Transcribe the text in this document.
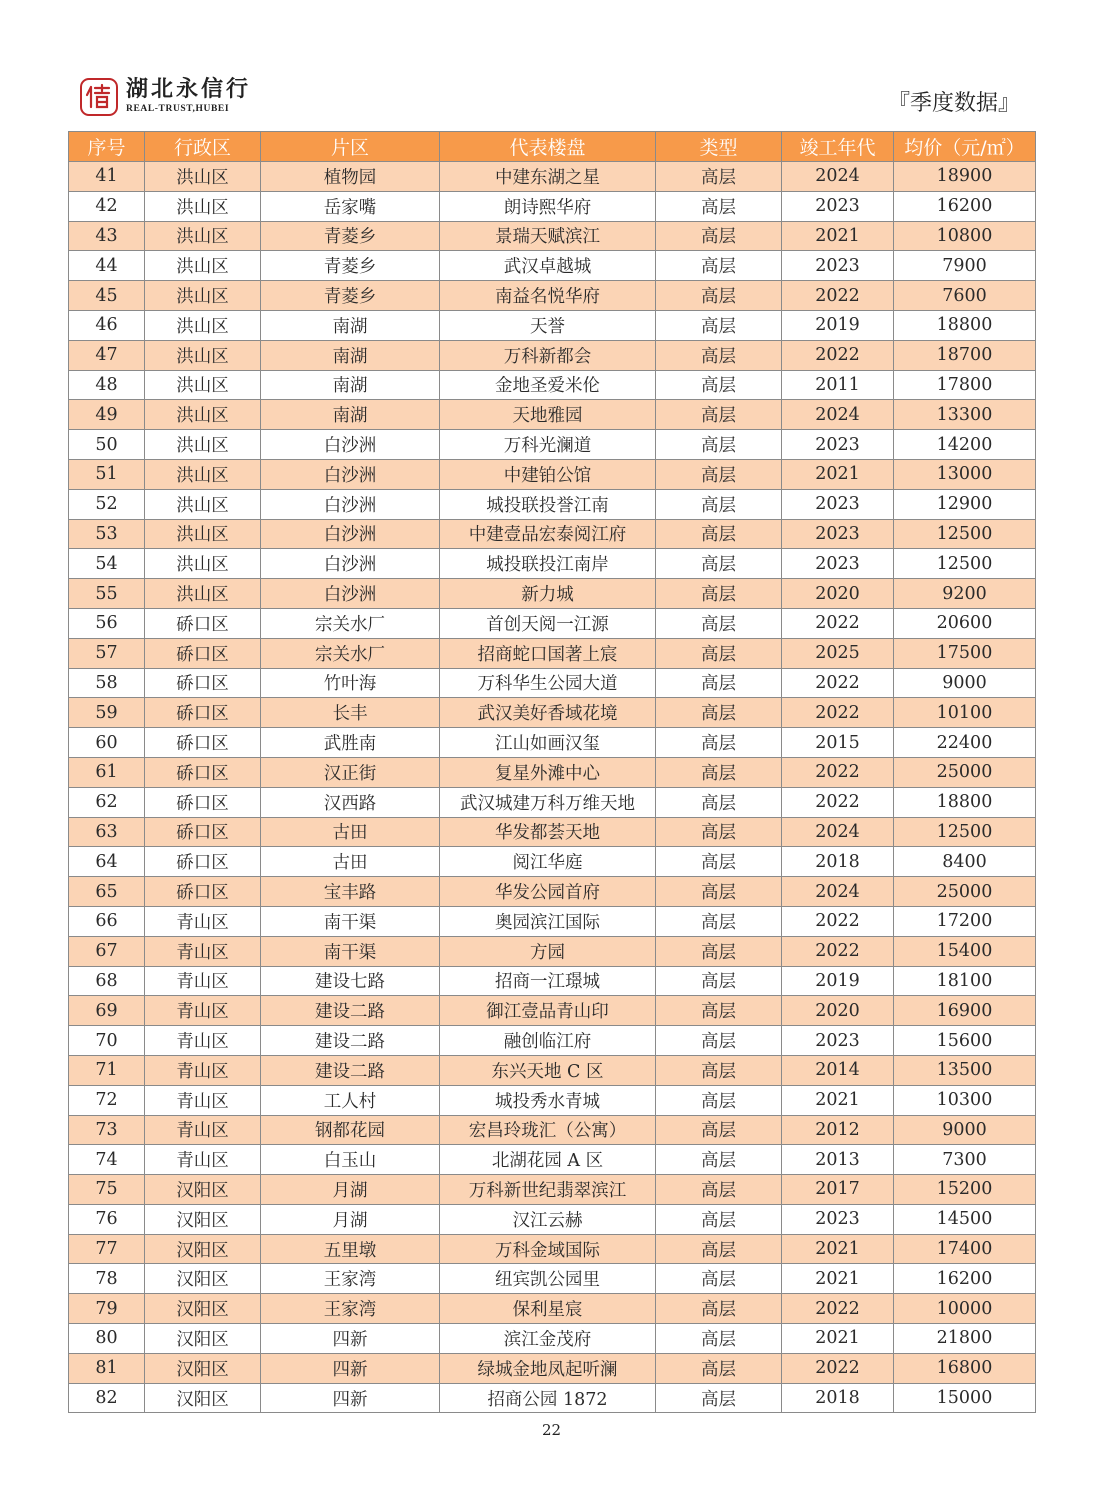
湖北永信行
REAL-TRUST,HUBEI	『季度数据』
序号	行政区	片区	代表楼盘	类型	竣工年代	均价（元/㎡）
41	洪山区	植物园	中建东湖之星	高层	2024	18900
42	洪山区	岳家嘴	朗诗熙华府	高层	2023	16200
43	洪山区	青菱乡	景瑞天赋滨江	高层	2021	10800
44	洪山区	青菱乡	武汉卓越城	高层	2023	7900
45	洪山区	青菱乡	南益名悦华府	高层	2022	7600
46	洪山区	南湖	天誉	高层	2019	18800
47	洪山区	南湖	万科新都会	高层	2022	18700
48	洪山区	南湖	金地圣爱米伦	高层	2011	17800
49	洪山区	南湖	天地雅园	高层	2024	13300
50	洪山区	白沙洲	万科光澜道	高层	2023	14200
51	洪山区	白沙洲	中建铂公馆	高层	2021	13000
52	洪山区	白沙洲	城投联投誉江南	高层	2023	12900
53	洪山区	白沙洲	中建壹品宏泰阅江府	高层	2023	12500
54	洪山区	白沙洲	城投联投江南岸	高层	2023	12500
55	洪山区	白沙洲	新力城	高层	2020	9200
56	硚口区	宗关水厂	首创天阅一江源	高层	2022	20600
57	硚口区	宗关水厂	招商蛇口国著上宸	高层	2025	17500
58	硚口区	竹叶海	万科华生公园大道	高层	2022	9000
59	硚口区	长丰	武汉美好香域花境	高层	2022	10100
60	硚口区	武胜南	江山如画汉玺	高层	2015	22400
61	硚口区	汉正街	复星外滩中心	高层	2022	25000
62	硚口区	汉西路	武汉城建万科万维天地	高层	2022	18800
63	硚口区	古田	华发都荟天地	高层	2024	12500
64	硚口区	古田	阅江华庭	高层	2018	8400
65	硚口区	宝丰路	华发公园首府	高层	2024	25000
66	青山区	南干渠	奥园滨江国际	高层	2022	17200
67	青山区	南干渠	方园	高层	2022	15400
68	青山区	建设七路	招商一江璟城	高层	2019	18100
69	青山区	建设二路	御江壹品青山印	高层	2020	16900
70	青山区	建设二路	融创临江府	高层	2023	15600
71	青山区	建设二路	东兴天地 C 区	高层	2014	13500
72	青山区	工人村	城投秀水青城	高层	2021	10300
73	青山区	钢都花园	宏昌玲珑汇（公寓）	高层	2012	9000
74	青山区	白玉山	北湖花园 A 区	高层	2013	7300
75	汉阳区	月湖	万科新世纪翡翠滨江	高层	2017	15200
76	汉阳区	月湖	汉江云赫	高层	2023	14500
77	汉阳区	五里墩	万科金域国际	高层	2021	17400
78	汉阳区	王家湾	纽宾凯公园里	高层	2021	16200
79	汉阳区	王家湾	保利星宸	高层	2022	10000
80	汉阳区	四新	滨江金茂府	高层	2021	21800
81	汉阳区	四新	绿城金地凤起听澜	高层	2022	16800
82	汉阳区	四新	招商公园 1872	高层	2018	15000
22
